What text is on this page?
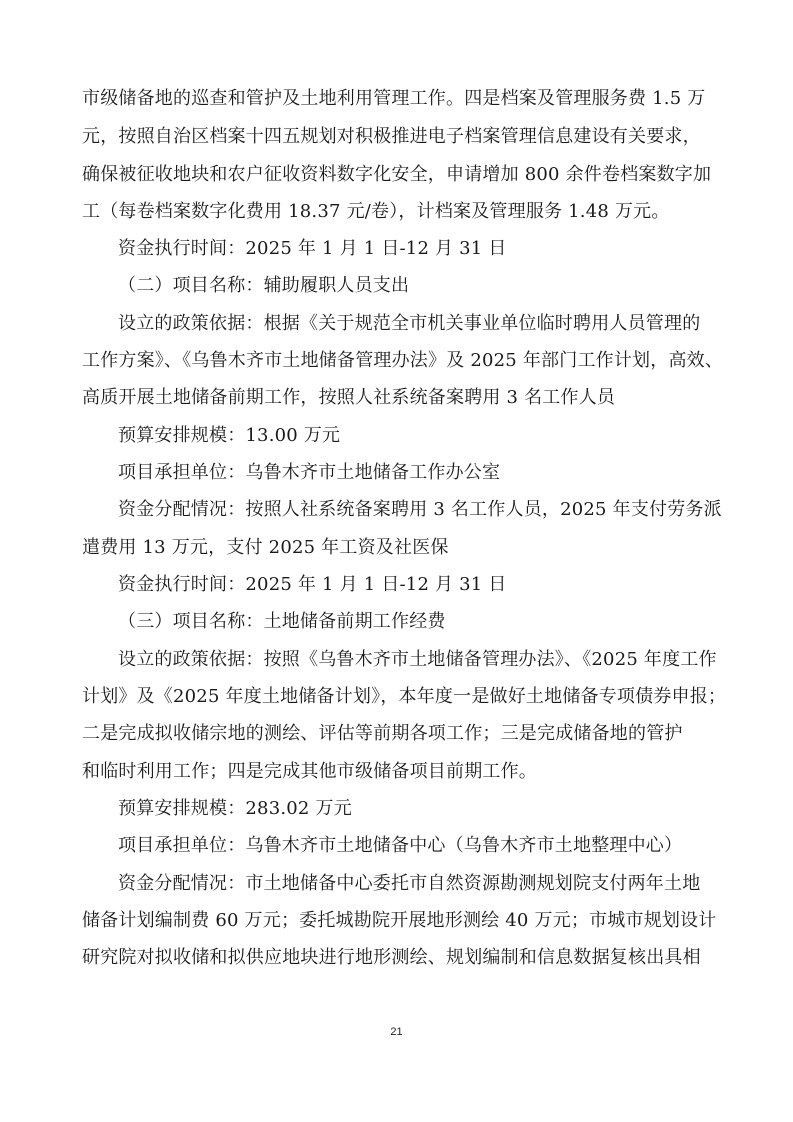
市级储备地的巡查和管护及土地利用管理工作。四是档案及管理服务费 1.5 万
元，按照自治区档案十四五规划对积极推进电子档案管理信息建设有关要求，
确保被征收地块和农户征收资料数字化安全，申请增加 800 余件卷档案数字加
工（每卷档案数字化费用 18.37 元/卷），计档案及管理服务 1.48 万元。
资金执行时间：2025 年 1 月 1 日-12 月 31 日
（二）项目名称：辅助履职人员支出
设立的政策依据：根据《关于规范全市机关事业单位临时聘用人员管理的
工作方案》、《乌鲁木齐市土地储备管理办法》及 2025 年部门工作计划，高效、
高质开展土地储备前期工作，按照人社系统备案聘用 3 名工作人员
预算安排规模：13.00 万元
项目承担单位：乌鲁木齐市土地储备工作办公室
资金分配情况：按照人社系统备案聘用 3 名工作人员，2025 年支付劳务派
遣费用 13 万元，支付 2025 年工资及社医保
资金执行时间：2025 年 1 月 1 日-12 月 31 日
（三）项目名称：土地储备前期工作经费
设立的政策依据：按照《乌鲁木齐市土地储备管理办法》、《2025 年度工作
计划》及《2025 年度土地储备计划》，本年度一是做好土地储备专项债券申报；
二是完成拟收储宗地的测绘、评估等前期各项工作；三是完成储备地的管护
和临时利用工作；四是完成其他市级储备项目前期工作。
预算安排规模：283.02 万元
项目承担单位：乌鲁木齐市土地储备中心（乌鲁木齐市土地整理中心）
资金分配情况：市土地储备中心委托市自然资源勘测规划院支付两年土地
储备计划编制费 60 万元；委托城勘院开展地形测绘 40 万元；市城市规划设计
研究院对拟收储和拟供应地块进行地形测绘、规划编制和信息数据复核出具相
21
